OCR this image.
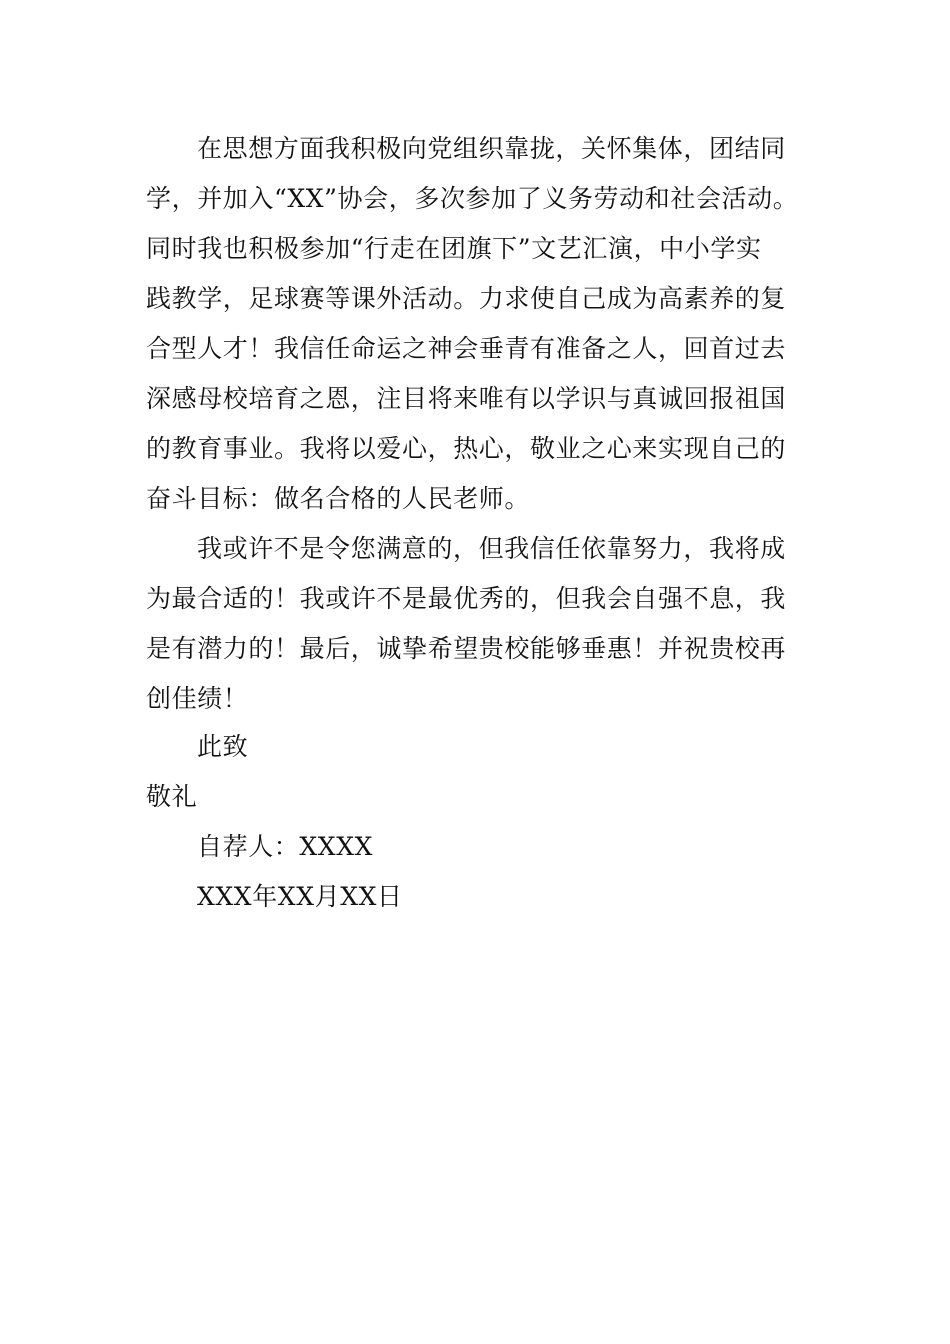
在思想方面我积极向党组织靠拢，关怀集体，团结同
学，并加入“XX”协会，多次参加了义务劳动和社会活动。
同时我也积极参加“行走在团旗下”文艺汇演，中小学实
践教学，足球赛等课外活动。力求使自己成为高素养的复
合型人才！我信任命运之神会垂青有准备之人，回首过去
深感母校培育之恩，注目将来唯有以学识与真诚回报祖国
的教育事业。我将以爱心，热心，敬业之心来实现自己的
奋斗目标：做名合格的人民老师。
我或许不是令您满意的，但我信任依靠努力，我将成
为最合适的！我或许不是最优秀的，但我会自强不息，我
是有潜力的！最后，诚挚希望贵校能够垂惠！并祝贵校再
创佳绩！
此致
敬礼
自荐人：XXXX
XXX年XX月XX日
